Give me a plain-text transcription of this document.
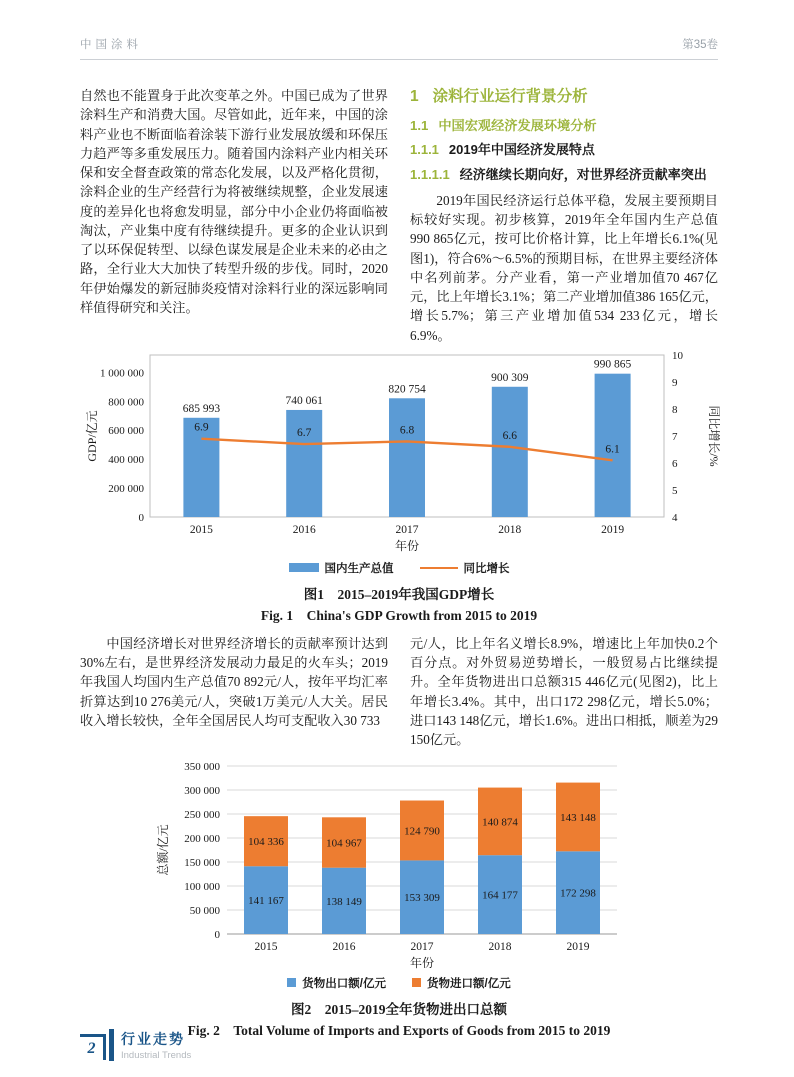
中国涂料	第35卷

自然也不能置身于此次变革之外。中国已成为了世界涂料生产和消费大国。尽管如此，近年来，中国的涂料产业也不断面临着涂装下游行业发展放缓和环保压力趋严等多重发展压力。随着国内涂料产业内相关环保和安全督查政策的常态化发展，以及严格化贯彻，涂料企业的生产经营行为将被继续规整，企业发展速度的差异化也将愈发明显，部分中小企业仍将面临被淘汰，产业集中度有待继续提升。更多的企业认识到了以环保促转型、以绿色谋发展是企业未来的必由之路，全行业大大加快了转型升级的步伐。同时，2020年伊始爆发的新冠肺炎疫情对涂料行业的深远影响同样值得研究和关注。

1 涂料行业运行背景分析
1.1 中国宏观经济发展环境分析
1.1.1 2019年中国经济发展特点
1.1.1.1 经济继续长期向好，对世界经济贡献率突出

2019年国民经济运行总体平稳，发展主要预期目标较好实现。初步核算，2019年全年国内生产总值990 865亿元，按可比价格计算，比上年增长6.1%(见图1)，符合6%～6.5%的预期目标，在世界主要经济体中名列前茅。分产业看，第一产业增加值70 467亿元，比上年增长3.1%；第二产业增加值386 165亿元，增长5.7%；第三产业增加值534 233亿元，增长6.9%。

0
200 000
400 000
600 000
800 000
1 000 000
4
5
6
7
8
9
10
685 993
2015
740 061
2016
820 754
2017
900 309
2018
990 865
2019
6.9	6.7	6.8	6.6
6.1
年份
GDP/亿元	同比增长/%
国内生产总值	同比增长
图1　2015–2019年我国GDP增长
Fig. 1　China's GDP Growth from 2015 to 2019

中国经济增长对世界经济增长的贡献率预计达到30%左右，是世界经济发展动力最足的火车头；2019年我国人均国内生产总值70 892元/人，按年平均汇率折算达到10 276美元/人，突破1万美元/人大关。居民收入增长较快，全年全国居民人均可支配收入30 733

元/人，比上年名义增长8.9%，增速比上年加快0.2个百分点。对外贸易逆势增长，一般贸易占比继续提升。全年货物进出口总额315 446亿元(见图2)，比上年增长3.4%。其中，出口172 298亿元，增长5.0%；进口143 148亿元，增长1.6%。进出口相抵，顺差为29 150亿元。

0
50 000
100 000
150 000
200 000
250 000
300 000
350 000
141 167
104 336
2015
138 149
104 967
2016
153 309
124 790
2017
164 177
140 874
2018
172 298
143 148
2019
年份
总额/亿元
货物出口额/亿元	货物进口额/亿元
图2　2015–2019全年货物进出口总额
Fig. 2　Total Volume of Imports and Exports of Goods from 2015 to 2019
2
行业走势
Industrial Trends
